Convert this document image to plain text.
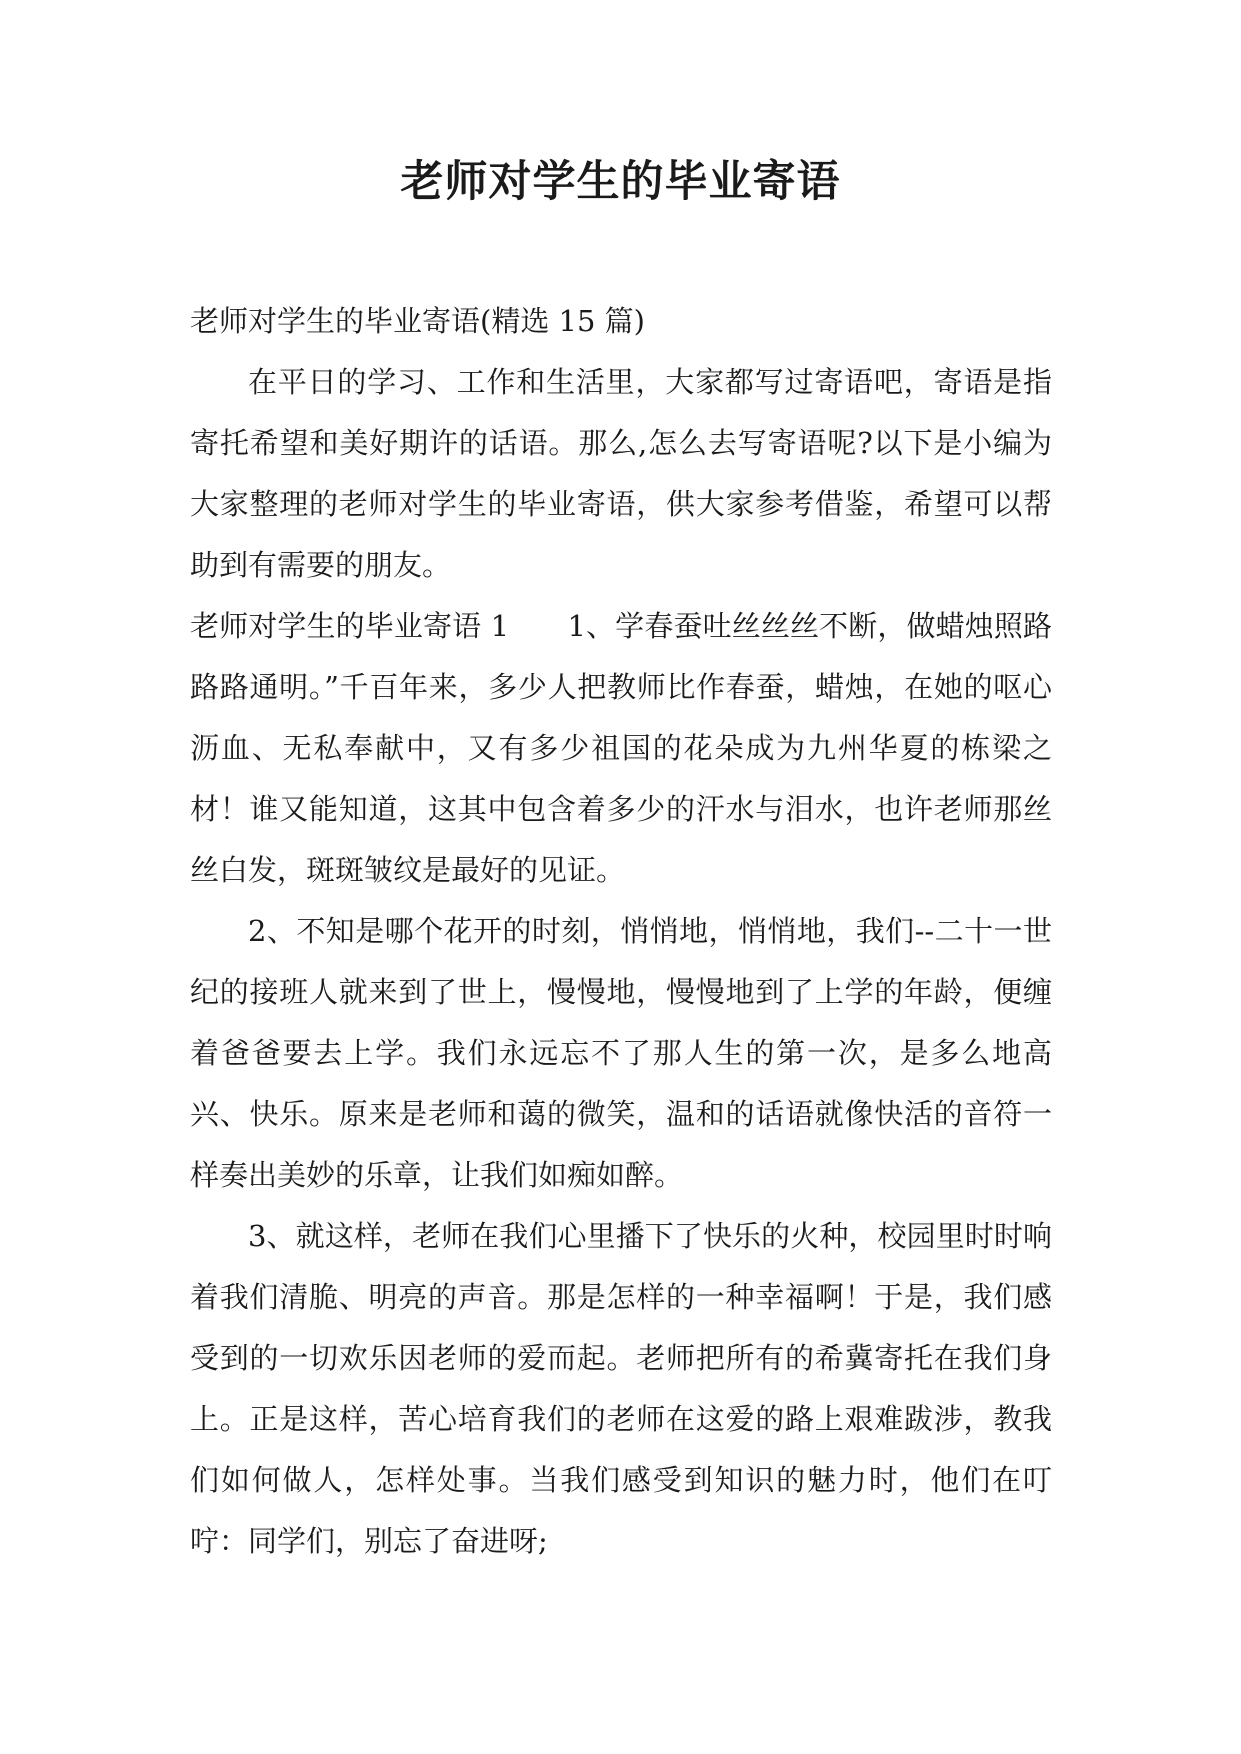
老师对学生的毕业寄语

老师对学生的毕业寄语(精选 15 篇)

在平日的学习、工作和生活里，大家都写过寄语吧，寄语是指寄托希望和美好期许的话语。那么,怎么去写寄语呢?以下是小编为大家整理的老师对学生的毕业寄语，供大家参考借鉴，希望可以帮助到有需要的朋友。

老师对学生的毕业寄语 1　　1、学春蚕吐丝丝丝不断，做蜡烛照路路路通明。”千百年来，多少人把教师比作春蚕，蜡烛，在她的呕心沥血、无私奉献中，又有多少祖国的花朵成为九州华夏的栋梁之材！谁又能知道，这其中包含着多少的汗水与泪水，也许老师那丝丝白发，斑斑皱纹是最好的见证。

2、不知是哪个花开的时刻，悄悄地，悄悄地，我们--二十一世纪的接班人就来到了世上，慢慢地，慢慢地到了上学的年龄，便缠着爸爸要去上学。我们永远忘不了那人生的第一次，是多么地高兴、快乐。原来是老师和蔼的微笑，温和的话语就像快活的音符一样奏出美妙的乐章，让我们如痴如醉。

3、就这样，老师在我们心里播下了快乐的火种，校园里时时响着我们清脆、明亮的声音。那是怎样的一种幸福啊！于是，我们感受到的一切欢乐因老师的爱而起。老师把所有的希冀寄托在我们身上。正是这样，苦心培育我们的老师在这爱的路上艰难跋涉，教我们如何做人，怎样处事。当我们感受到知识的魅力时，他们在叮咛：同学们，别忘了奋进呀;
